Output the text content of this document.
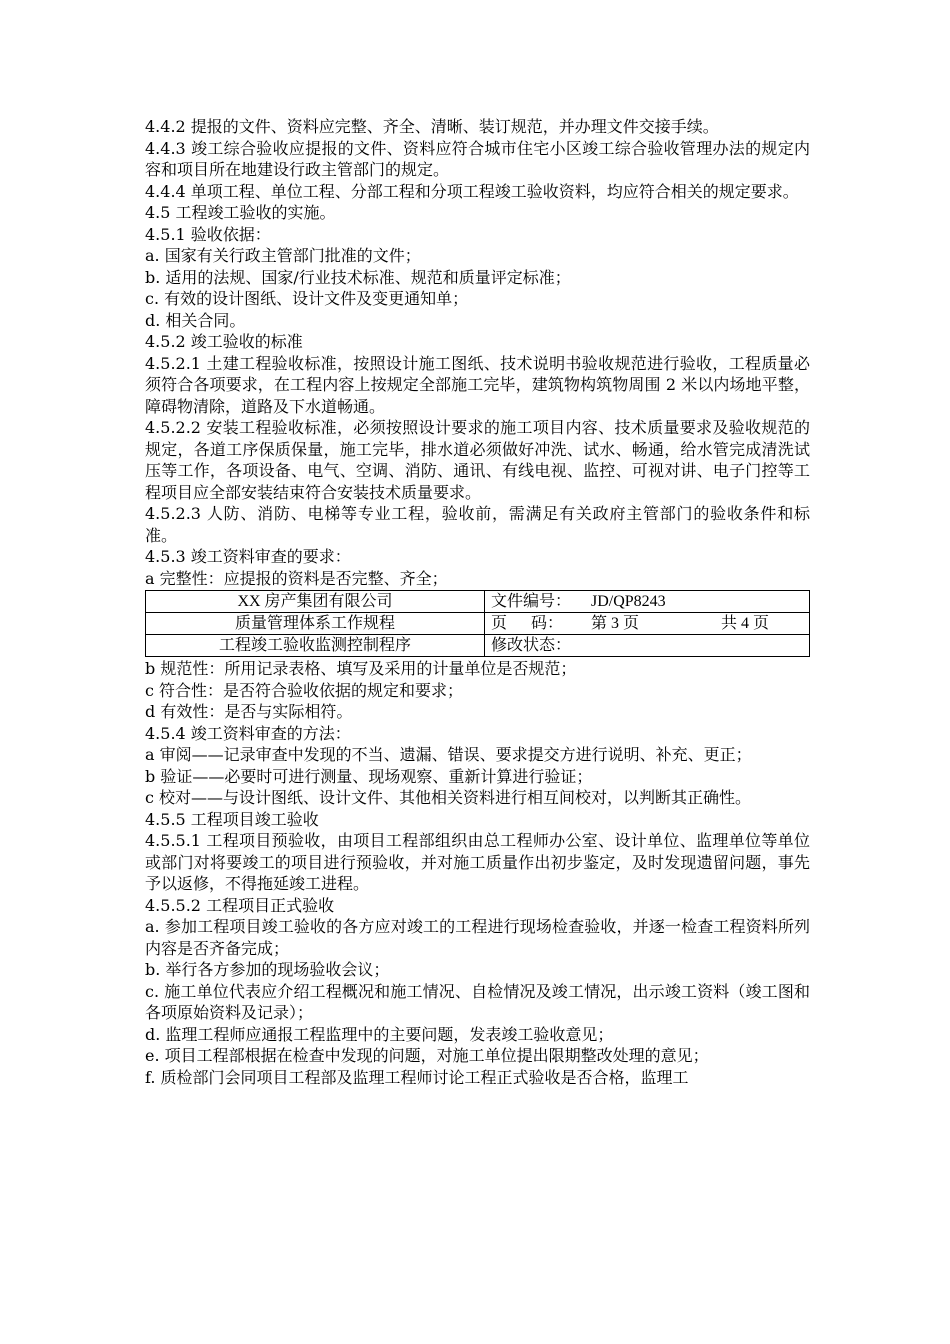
4.4.2 提报的文件、资料应完整、齐全、清晰、装订规范，并办理文件交接手续。

4.4.3 竣工综合验收应提报的文件、资料应符合城市住宅小区竣工综合验收管理办法的规定内容和项目所在地建设行政主管部门的规定。

4.4.4 单项工程、单位工程、分部工程和分项工程竣工验收资料，均应符合相关的规定要求。

4.5 工程竣工验收的实施。

4.5.1 验收依据：

a. 国家有关行政主管部门批准的文件；

b. 适用的法规、国家/行业技术标准、规范和质量评定标准；

c. 有效的设计图纸、设计文件及变更通知单；

d. 相关合同。

4.5.2 竣工验收的标准

4.5.2.1 土建工程验收标准，按照设计施工图纸、技术说明书验收规范进行验收，工程质量必须符合各项要求，在工程内容上按规定全部施工完毕，建筑物构筑物周围 2 米以内场地平整，障碍物清除，道路及下水道畅通。

4.5.2.2 安装工程验收标准，必须按照设计要求的施工项目内容、技术质量要求及验收规范的规定，各道工序保质保量，施工完毕，排水道必须做好冲洗、试水、畅通，给水管完成清洗试压等工作，各项设备、电气、空调、消防、通讯、有线电视、监控、可视对讲、电子门控等工程项目应全部安装结束符合安装技术质量要求。

4.5.2.3 人防、消防、电梯等专业工程，验收前，需满足有关政府主管部门的验收条件和标准。

4.5.3 竣工资料审查的要求：

a 完整性：应提报的资料是否完整、齐全；

XX 房产集团有限公司	文件编号： JD/QP8243

质量管理体系工作规程	页      码： 第 3 页 共 4 页

工程竣工验收监测控制程序	修改状态：

b 规范性：所用记录表格、填写及采用的计量单位是否规范；

c 符合性：是否符合验收依据的规定和要求；

d 有效性：是否与实际相符。

4.5.4 竣工资料审查的方法：

a 审阅——记录审查中发现的不当、遗漏、错误、要求提交方进行说明、补充、更正；

b 验证——必要时可进行测量、现场观察、重新计算进行验证；

c 校对——与设计图纸、设计文件、其他相关资料进行相互间校对，以判断其正确性。

4.5.5 工程项目竣工验收

4.5.5.1 工程项目预验收，由项目工程部组织由总工程师办公室、设计单位、监理单位等单位或部门对将要竣工的项目进行预验收，并对施工质量作出初步鉴定，及时发现遗留问题，事先予以返修，不得拖延竣工进程。

4.5.5.2 工程项目正式验收

a. 参加工程项目竣工验收的各方应对竣工的工程进行现场检查验收，并逐一检查工程资料所列内容是否齐备完成；

b. 举行各方参加的现场验收会议；

c. 施工单位代表应介绍工程概况和施工情况、自检情况及竣工情况，出示竣工资料（竣工图和各项原始资料及记录）；

d. 监理工程师应通报工程监理中的主要问题，发表竣工验收意见；

e. 项目工程部根据在检查中发现的问题，对施工单位提出限期整改处理的意见；

f. 质检部门会同项目工程部及监理工程师讨论工程正式验收是否合格，监理工
